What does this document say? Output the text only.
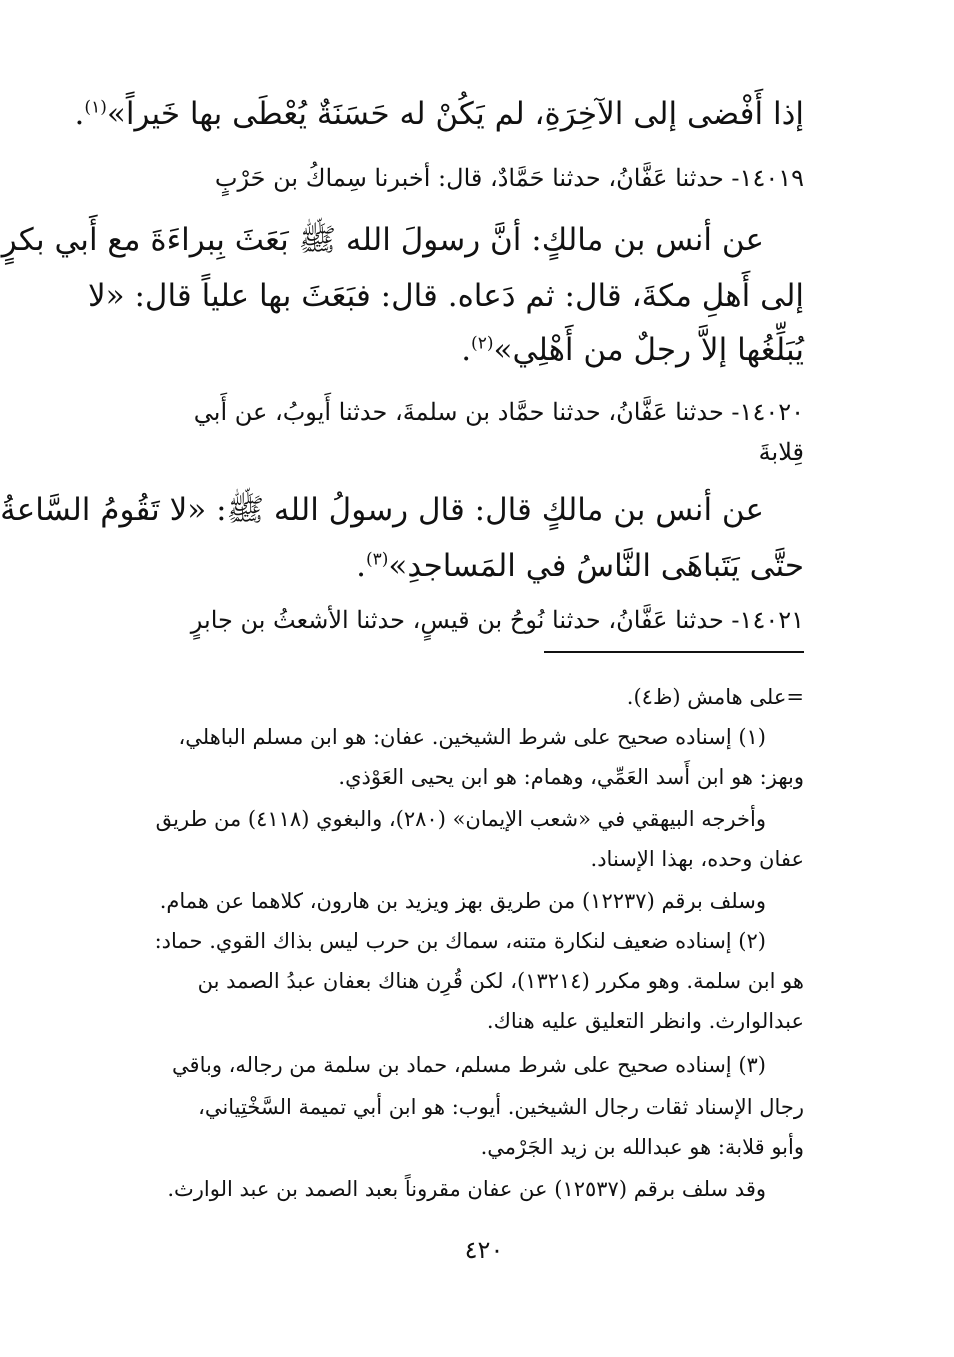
إذا أَفْضى إلى الآخِرَةِ، لم يَكُنْ له حَسَنَةٌ يُعْطَى بها خَيراً»$^{(١)}$.
١٤٠١٩- حدثنا عَفَّانُ، حدثنا حَمَّادٌ، قال: أخبرنا سِماكُ بن حَرْبٍ
عن أنس بن مالكٍ: أنَّ رسولَ الله ﷺ بَعَثَ بِبراءَةَ مع أَبي بكرٍ
إلى أَهلِ مكةَ، قال: ثم دَعاه. قال: فبَعَثَ بها علياً قال: «لا
يُبَلِّغُها إلاَّ رجلٌ من أَهْلِي»$^{(٢)}$.
١٤٠٢٠- حدثنا عَفَّانُ، حدثنا حمَّاد بن سلمةَ، حدثنا أَيوبُ، عن أَبي
قِلابةَ
عن أنس بن مالكٍ قال: قال رسولُ الله ﷺ: «لا تَقُومُ السَّاعةُ
حتَّى يَتَباهَى النَّاسُ في المَساجدِ»$^{(٣)}$.
١٤٠٢١- حدثنا عَفَّانُ، حدثنا نُوحُ بن قيسٍ، حدثنا الأشعثُ بن جابرٍ
=على هامش (ظ٤).
(١) إسناده صحيح على شرط الشيخين. عفان: هو ابن مسلم الباهلي،
وبهز: هو ابن أَسد العَمِّي، وهمام: هو ابن يحيى العَوْذي.
وأخرجه البيهقي في «شعب الإيمان» (٢٨٠)، والبغوي (٤١١٨) من طريق
عفان وحده، بهذا الإسناد.
وسلف برقم (١٢٢٣٧) من طريق بهز ويزيد بن هارون، كلاهما عن همام.
(٢) إسناده ضعيف لنكارة متنه، سماك بن حرب ليس بذاك القوي. حماد:
هو ابن سلمة. وهو مكرر (١٣٢١٤)، لكن قُرِن هناك بعفان عبدُ الصمد بن
عبدالوارث. وانظر التعليق عليه هناك.
(٣) إسناده صحيح على شرط مسلم، حماد بن سلمة من رجاله، وباقي
رجال الإسناد ثقات رجال الشيخين. أيوب: هو ابن أبي تميمة السَّخْتِياني،
وأبو قلابة: هو عبدالله بن زيد الجَرْمي.
وقد سلف برقم (١٢٥٣٧) عن عفان مقروناً بعبد الصمد بن عبد الوارث.
٤٢٠
